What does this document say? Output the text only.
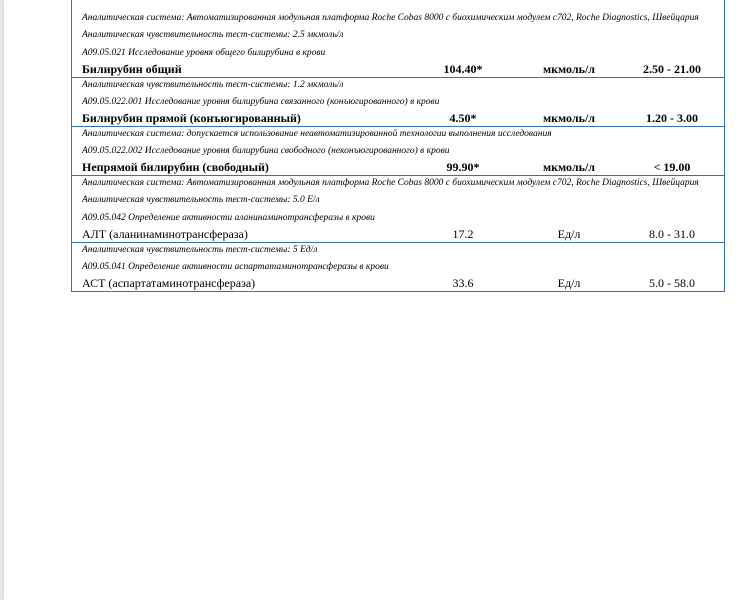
Аналитическая система: Автоматизированная модульная платформа Roche Cobas 8000 с биохимическим модулем с702, Roche Diagnostics, Швейцария
Аналитическая чувствительность тест-системы: 2.5 мкмоль/л
A09.05.021 Исследование уровня общего билирубина в крови
Билирубин общий	104.40*	мкмоль/л	2.50 - 21.00
Аналитическая чувствительность тест-системы: 1.2 мкмоль/л
A09.05.022.001 Исследование уровня билирубина связанного (конъюгированного) в крови
Билирубин прямой (конъюгированный)	4.50*	мкмоль/л	1.20 - 3.00
Аналитическая система: допускается использование неавтоматизированной технологии выполнения исследования
A09.05.022.002 Исследование уровня билирубина свободного (неконъюгированного) в крови
Непрямой билирубин (свободный)	99.90*	мкмоль/л	< 19.00
Аналитическая система: Автоматизированная модульная платформа Roche Cobas 8000 с биохимическим модулем с702, Roche Diagnostics, Швейцария
Аналитическая чувствительность тест-системы: 5.0 Е/л
A09.05.042 Определение активности аланинаминотрансферазы в крови
АЛТ (аланинаминотрансфераза)	17.2	Ед/л	8.0 - 31.0
Аналитическая чувствительность тест-системы: 5 Ед/л
A09.05.041 Определение активности аспартатаминотрансферазы в крови
АСТ (аспартатаминотрансфераза)	33.6	Ед/л	5.0 - 58.0
